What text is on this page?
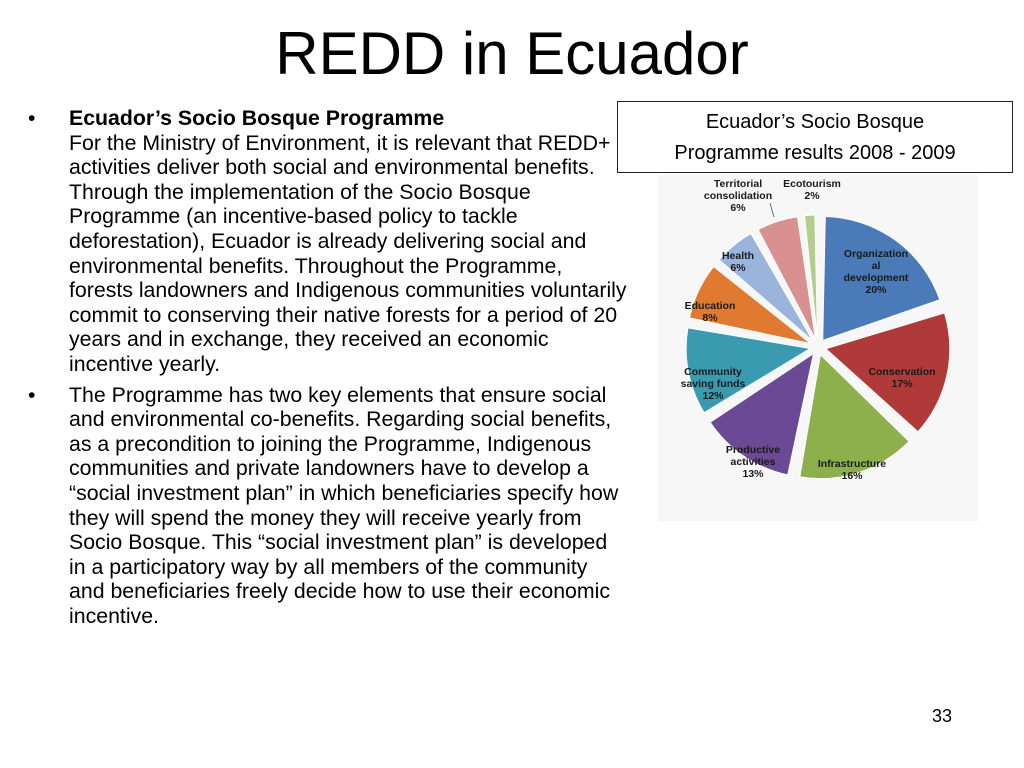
REDD in Ecuador
• Ecuador’s Socio Bosque Programme
For the Ministry of Environment, it is relevant that REDD+ activities deliver both social and environmental benefits. Through the implementation of the Socio Bosque Programme (an incentive-based policy to tackle deforestation), Ecuador is already delivering social and environmental benefits. Throughout the Programme, forests landowners and Indigenous communities voluntarily commit to conserving their native forests for a period of 20 years and in exchange, they received an economic incentive yearly.
• The Programme has two key elements that ensure social and environmental co-benefits. Regarding social benefits, as a precondition to joining the Programme, Indigenous communities and private landowners have to develop a “social investment plan” in which beneficiaries specify how they will spend the money they will receive yearly from Socio Bosque. This “social investment plan” is developed in a participatory way by all members of the community and beneficiaries freely decide how to use their economic incentive.
Ecuador’s Socio Bosque
Programme results 2008 - 2009
Organization al development 20%
Conservation 17%
Infrastructure 16%
Productive activities 13%
Community saving funds 12%
Education 8%
Health 6%
Territorial consolidation 6%
Ecotourism 2%
33
